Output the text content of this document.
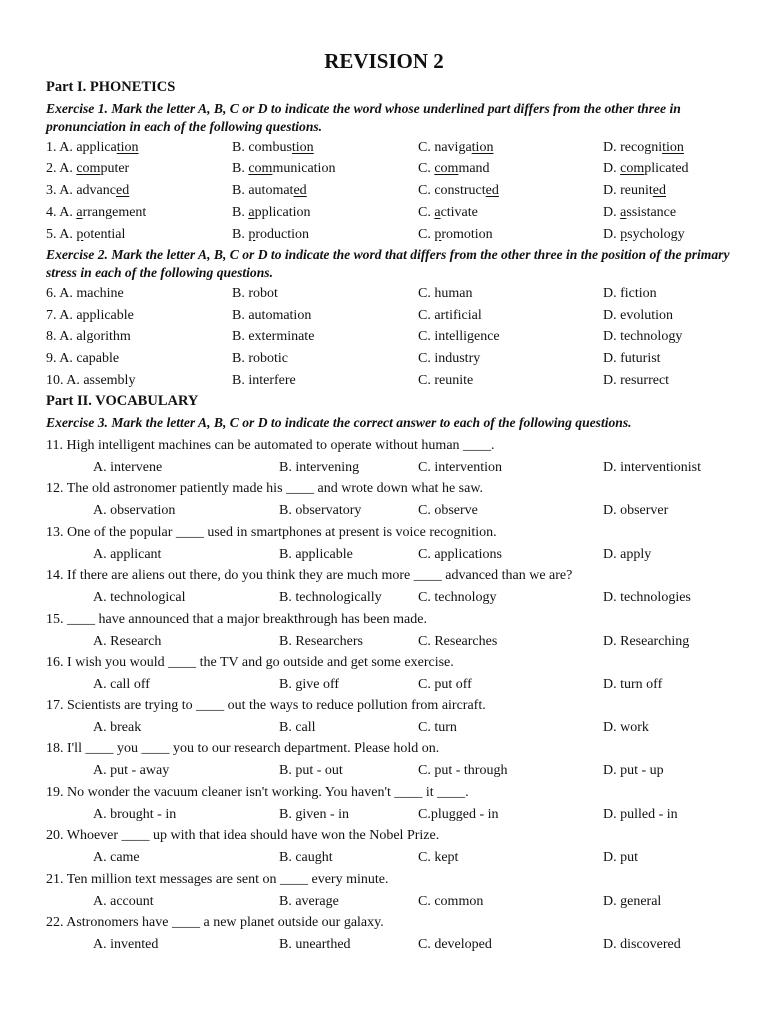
REVISION 2
Part I. PHONETICS
Exercise 1. Mark the letter A, B, C or D to indicate the word whose underlined part differs from the other three in pronunciation in each of the following questions.
1. A. application	B. combustion	C. navigation	D. recognition
2. A. computer	B. communication	C. command	D. complicated
3. A. advanced	B. automated	C. constructed	D. reunited
4. A. arrangement	B. application	C. activate	D. assistance
5. A. potential	B. production	C. promotion	D. psychology
Exercise 2. Mark the letter A, B, C or D to indicate the word that differs from the other three in the position of the primary stress in each of the following questions.
6. A. machine	B. robot	C. human	D. fiction
7. A. applicable	B. automation	C. artificial	D. evolution
8. A. algorithm	B. exterminate	C. intelligence	D. technology
9. A. capable	B. robotic	C. industry	D. futurist
10. A. assembly	B. interfere	C. reunite	D. resurrect
Part II. VOCABULARY
Exercise 3. Mark the letter A, B, C or D to indicate the correct answer to each of the following questions.
11. High intelligent machines can be automated to operate without human ____.
A. intervene	B. intervening	C. intervention	D. interventionist
12. The old astronomer patiently made his ____ and wrote down what he saw.
A. observation	B. observatory	C. observe	D. observer
13. One of the popular ____ used in smartphones at present is voice recognition.
A. applicant	B. applicable	C. applications	D. apply
14. If there are aliens out there, do you think they are much more ____ advanced than we are?
A. technological	B. technologically	C. technology	D. technologies
15. ____ have announced that a major breakthrough has been made.
A. Research	B. Researchers	C. Researches	D. Researching
16. I wish you would ____ the TV and go outside and get some exercise.
A. call off	B. give off	C. put off	D. turn off
17. Scientists are trying to ____ out the ways to reduce pollution from aircraft.
A. break	B. call	C. turn	D. work
18. I'll ____ you ____ you to our research department. Please hold on.
A. put - away	B. put - out	C. put - through	D. put - up
19. No wonder the vacuum cleaner isn't working. You haven't ____ it ____.
A. brought - in	B. given - in	C.plugged - in	D. pulled - in
20. Whoever ____ up with that idea should have won the Nobel Prize.
A. came	B. caught	C. kept	D. put
21. Ten million text messages are sent on ____ every minute.
A. account	B. average	C. common	D. general
22. Astronomers have ____ a new planet outside our galaxy.
A. invented	B. unearthed	C. developed	D. discovered
